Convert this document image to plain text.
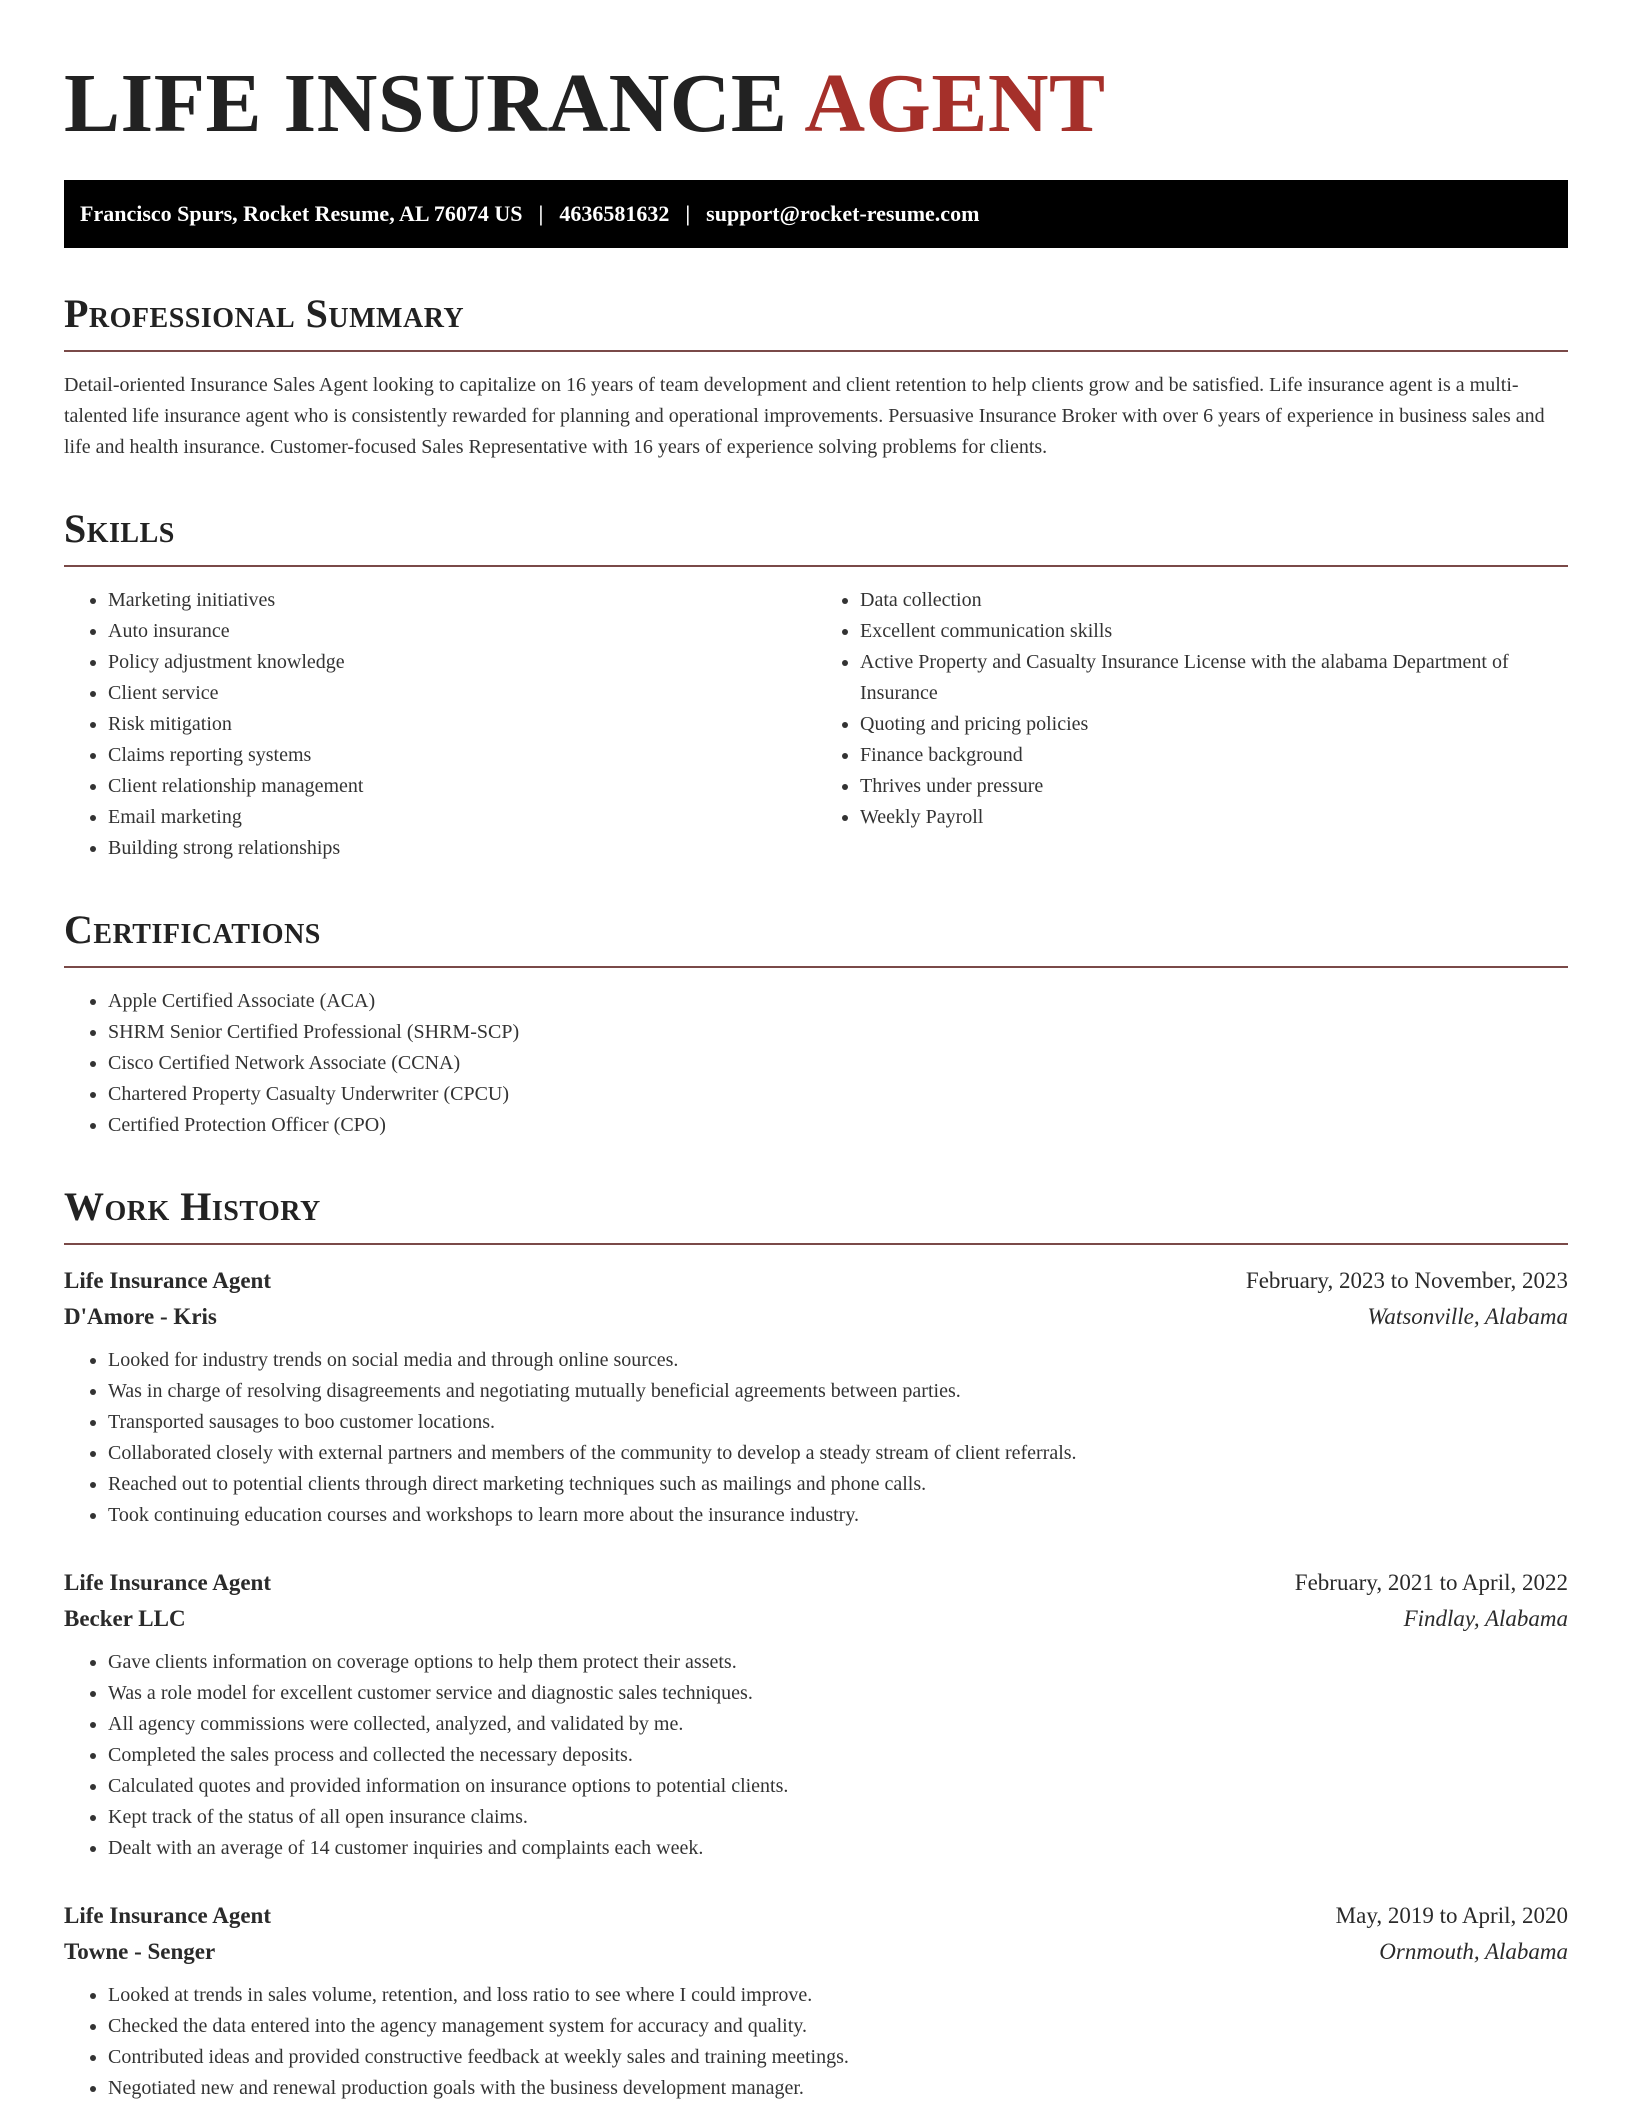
LIFE INSURANCE AGENT
Francisco Spurs, Rocket Resume, AL 76074 US | 4636581632 | support@rocket-resume.com
Professional Summary

Detail-oriented Insurance Sales Agent looking to capitalize on 16 years of team development and client retention to help clients grow and be satisfied. Life insurance agent is a multi-talented life insurance agent who is consistently rewarded for planning and operational improvements. Persuasive Insurance Broker with over 6 years of experience in business sales and life and health insurance. Customer-focused Sales Representative with 16 years of experience solving problems for clients.

Skills
• Marketing initiatives
• Auto insurance
• Policy adjustment knowledge
• Client service
• Risk mitigation
• Claims reporting systems
• Client relationship management
• Email marketing
• Building strong relationships
• Data collection
• Excellent communication skills
• Active Property and Casualty Insurance License with the alabama Department of Insurance
• Quoting and pricing policies
• Finance background
• Thrives under pressure
• Weekly Payroll
Certifications
• Apple Certified Associate (ACA)
• SHRM Senior Certified Professional (SHRM-SCP)
• Cisco Certified Network Associate (CCNA)
• Chartered Property Casualty Underwriter (CPCU)
• Certified Protection Officer (CPO)
Work History
Life Insurance Agent	February, 2023 to November, 2023
D'Amore - Kris	Watsonville, Alabama
• Looked for industry trends on social media and through online sources.
• Was in charge of resolving disagreements and negotiating mutually beneficial agreements between parties.
• Transported sausages to boo customer locations.
• Collaborated closely with external partners and members of the community to develop a steady stream of client referrals.
• Reached out to potential clients through direct marketing techniques such as mailings and phone calls.
• Took continuing education courses and workshops to learn more about the insurance industry.
Life Insurance Agent	February, 2021 to April, 2022
Becker LLC	Findlay, Alabama
• Gave clients information on coverage options to help them protect their assets.
• Was a role model for excellent customer service and diagnostic sales techniques.
• All agency commissions were collected, analyzed, and validated by me.
• Completed the sales process and collected the necessary deposits.
• Calculated quotes and provided information on insurance options to potential clients.
• Kept track of the status of all open insurance claims.
• Dealt with an average of 14 customer inquiries and complaints each week.
Life Insurance Agent	May, 2019 to April, 2020
Towne - Senger	Ornmouth, Alabama
• Looked at trends in sales volume, retention, and loss ratio to see where I could improve.
• Checked the data entered into the agency management system for accuracy and quality.
• Contributed ideas and provided constructive feedback at weekly sales and training meetings.
• Negotiated new and renewal production goals with the business development manager.
